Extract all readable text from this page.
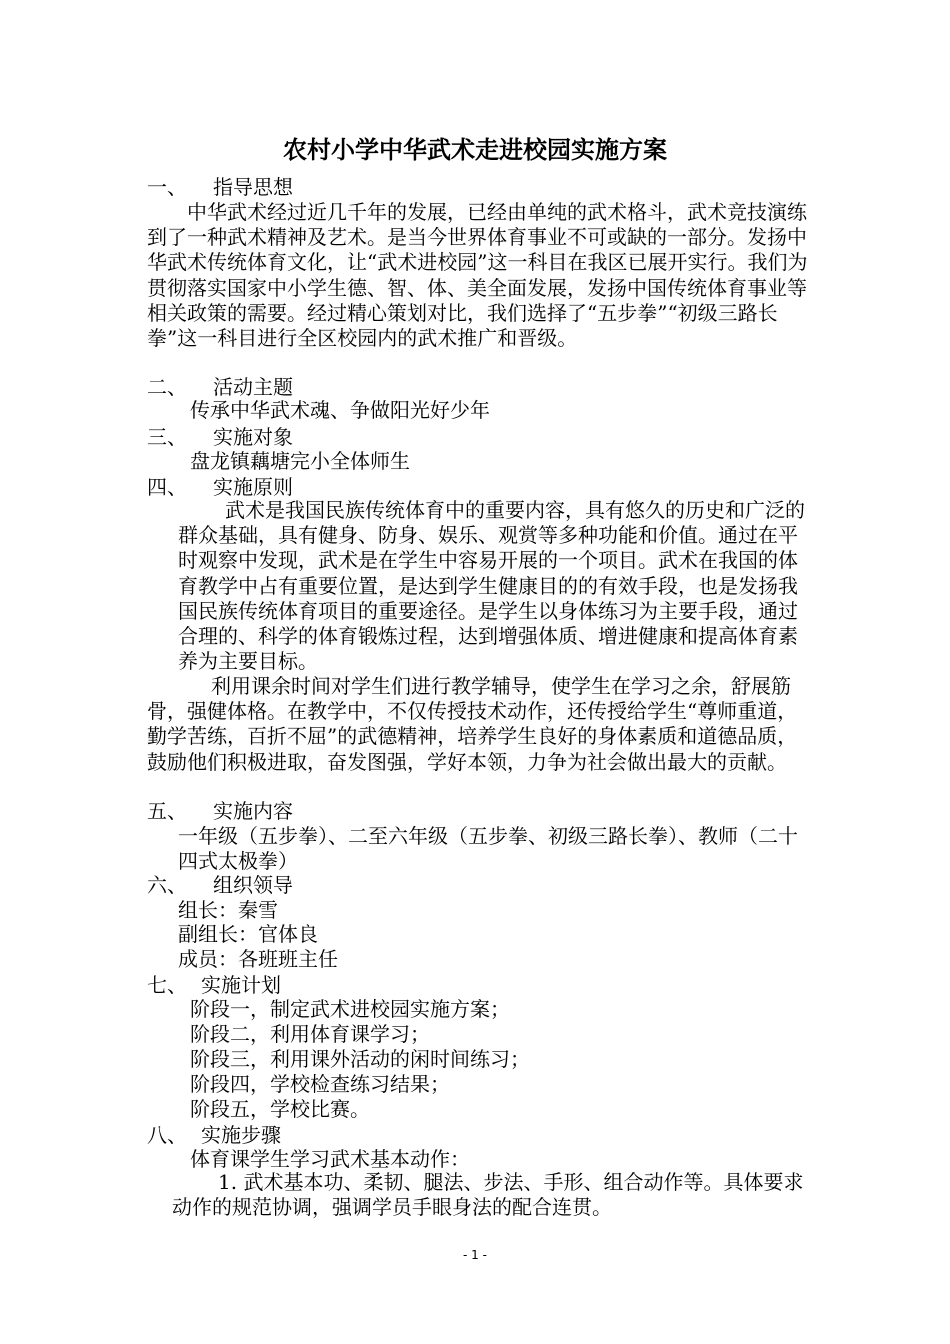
农村小学中华武术走进校园实施方案
一、 指导思想

中华武术经过近几千年的发展，已经由单纯的武术格斗，武术竞技演练到了一种武术精神及艺术。是当今世界体育事业不可或缺的一部分。发扬中华武术传统体育文化，让“武术进校园”这一科目在我区已展开实行。我们为贯彻落实国家中小学生德、智、体、美全面发展，发扬中国传统体育事业等相关政策的需要。经过精心策划对比，我们选择了“五步拳”“初级三路长拳”这一科目进行全区校园内的武术推广和晋级。

二、 活动主题
传承中华武术魂、争做阳光好少年
三、 实施对象
盘龙镇藕塘完小全体师生
四、 实施原则

武术是我国民族传统体育中的重要内容，具有悠久的历史和广泛的群众基础，具有健身、防身、娱乐、观赏等多种功能和价值。通过在平时观察中发现，武术是在学生中容易开展的一个项目。武术在我国的体育教学中占有重要位置，是达到学生健康目的的有效手段，也是发扬我国民族传统体育项目的重要途径。是学生以身体练习为主要手段，通过合理的、科学的体育锻炼过程，达到增强体质、增进健康和提高体育素养为主要目标。

利用课余时间对学生们进行教学辅导，使学生在学习之余，舒展筋骨，强健体格。在教学中，不仅传授技术动作，还传授给学生“尊师重道，勤学苦练，百折不屈”的武德精神，培养学生良好的身体素质和道德品质，鼓励他们积极进取，奋发图强，学好本领，力争为社会做出最大的贡献。

五、 实施内容

一年级（五步拳）、二至六年级（五步拳、初级三路长拳）、教师（二十四式太极拳）

六、 组织领导
组长：秦雪
副组长：官体良
成员：各班班主任
七、 实施计划
阶段一，制定武术进校园实施方案；
阶段二，利用体育课学习；
阶段三，利用课外活动的闲时间练习；
阶段四，学校检查练习结果；
阶段五，学校比赛。
八、 实施步骤
体育课学生学习武术基本动作：

1. 武术基本功、柔韧、腿法、步法、手形、组合动作等。具体要求动作的规范协调，强调学员手眼身法的配合连贯。

- 1 -
